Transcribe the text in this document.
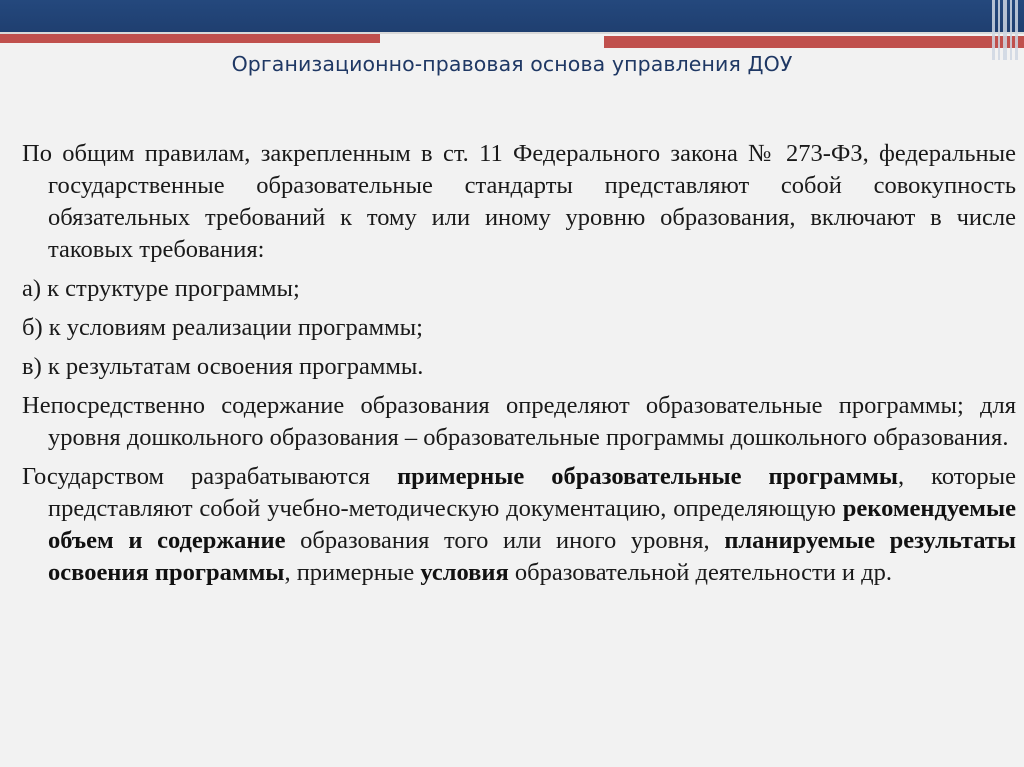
Организационно-правовая основа управления ДОУ

По общим правилам, закрепленным в ст. 11 Федерального закона № 273-ФЗ, федеральные государственные образовательные стандарты представляют собой совокупность обязательных требований к тому или иному уровню образования, включают в числе таковых требования:

а) к структуре программы;

б) к условиям реализации программы;

в) к результатам освоения программы.

Непосредственно содержание образования определяют образовательные программы; для уровня дошкольного образования – образовательные программы дошкольного образования.

Государством разрабатываются примерные образовательные программы, которые представляют собой учебно-методическую документацию, определяющую рекомендуемые объем и содержание образования того или иного уровня, планируемые результаты освоения программы, примерные условия образовательной деятельности и др.
